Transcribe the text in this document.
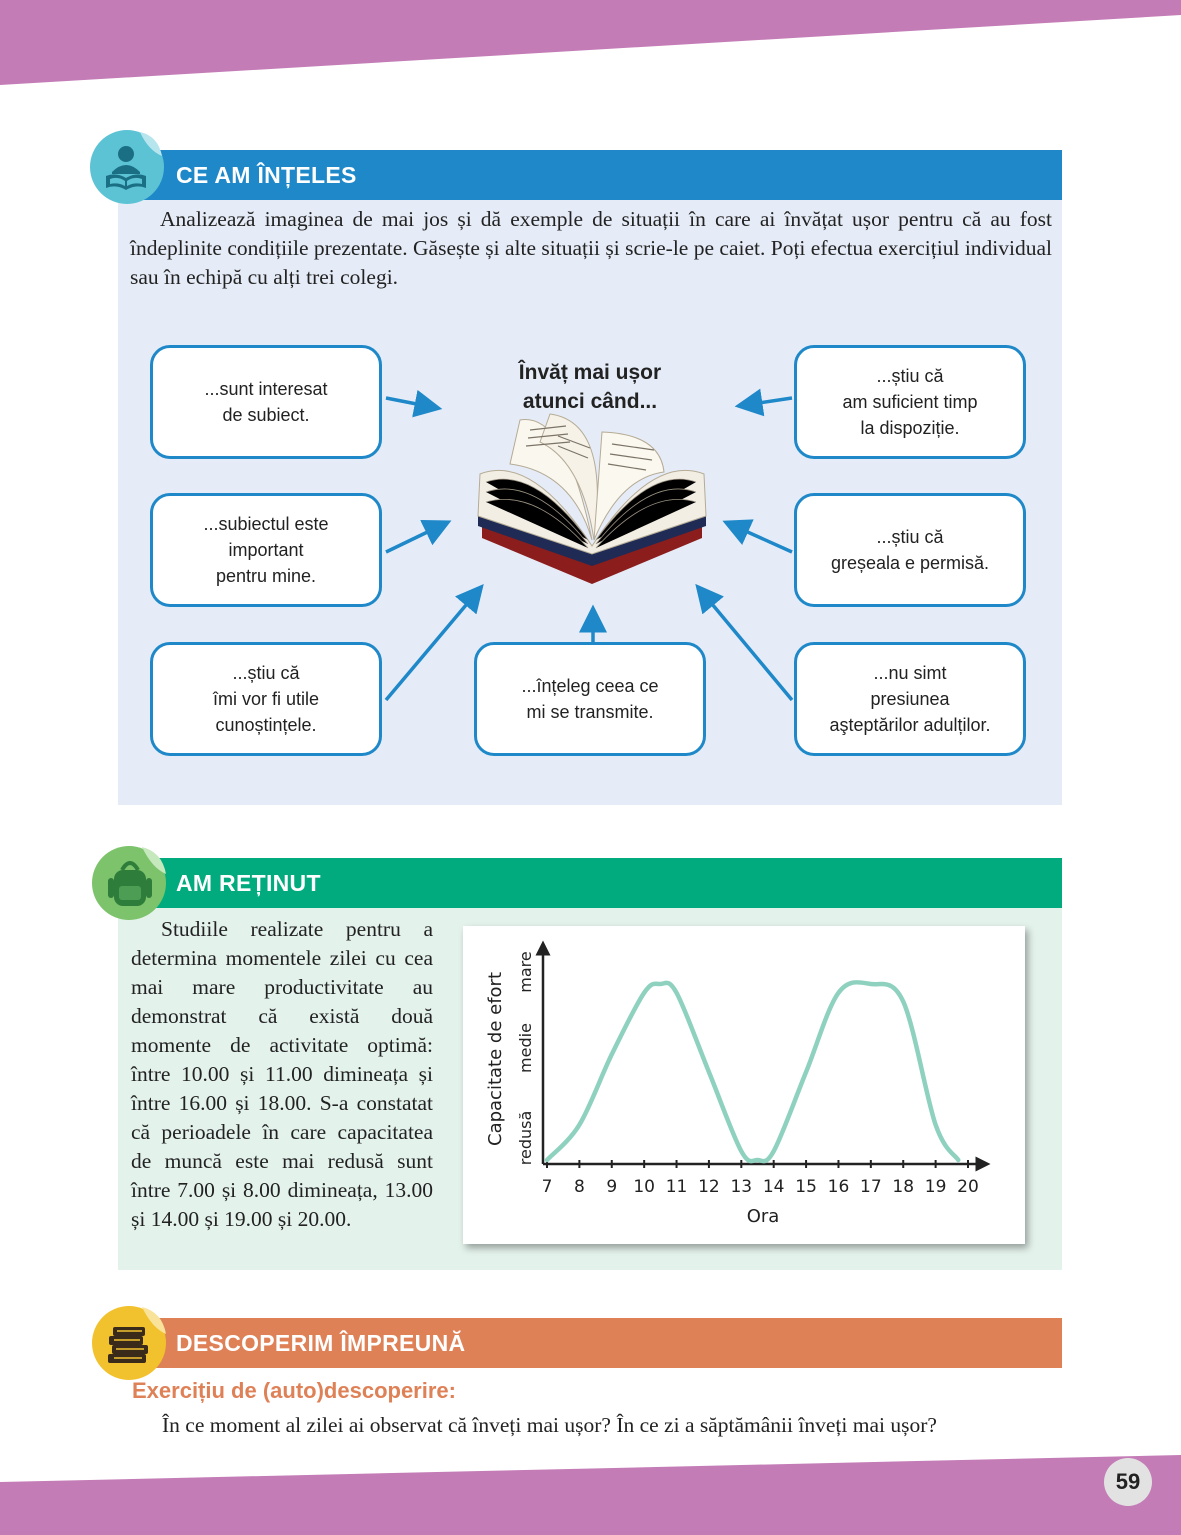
CE AM ÎNȚELES

Analizează imaginea de mai jos și dă exemple de situații în care ai învățat ușor pentru că au fost îndeplinite condițiile prezentate. Găsește și alte situații și scrie-le pe caiet. Poți efectua exercițiul individual sau în echipă cu alți trei colegi.

Învăț mai ușor
atunci când...
...sunt interesat
de subiect.
...subiectul este
important
pentru mine.
...știu că
îmi vor fi utile
cunoștințele.
...înțeleg ceea ce
mi se transmite.
...știu că
am suficient timp
la dispoziție.
...știu că
greșeala e permisă.
...nu simt
presiunea
aşteptărilor adulților.
AM REȚINUT

Studiile realizate pentru a determina momentele zilei cu cea mai mare productivitate au demonstrat că există două momente de activitate optimă: între 10.00 și 11.00 dimineața și între 16.00 și 18.00. S-a constatat că perioadele în care capacitatea de muncă este mai redusă sunt între 7.00 și 8.00 dimineața, 13.00 și 14.00 și 19.00 și 20.00.

7 8 9 10 11 12 13 14 15 16 17 18 19 20
redusă
medie
mare
Ora
Capacitate de efort
DESCOPERIM ÎMPREUNĂ
Exercițiu de (auto)descoperire:
În ce moment al zilei ai observat că înveți mai ușor? În ce zi a săptămânii înveți mai ușor?
59
